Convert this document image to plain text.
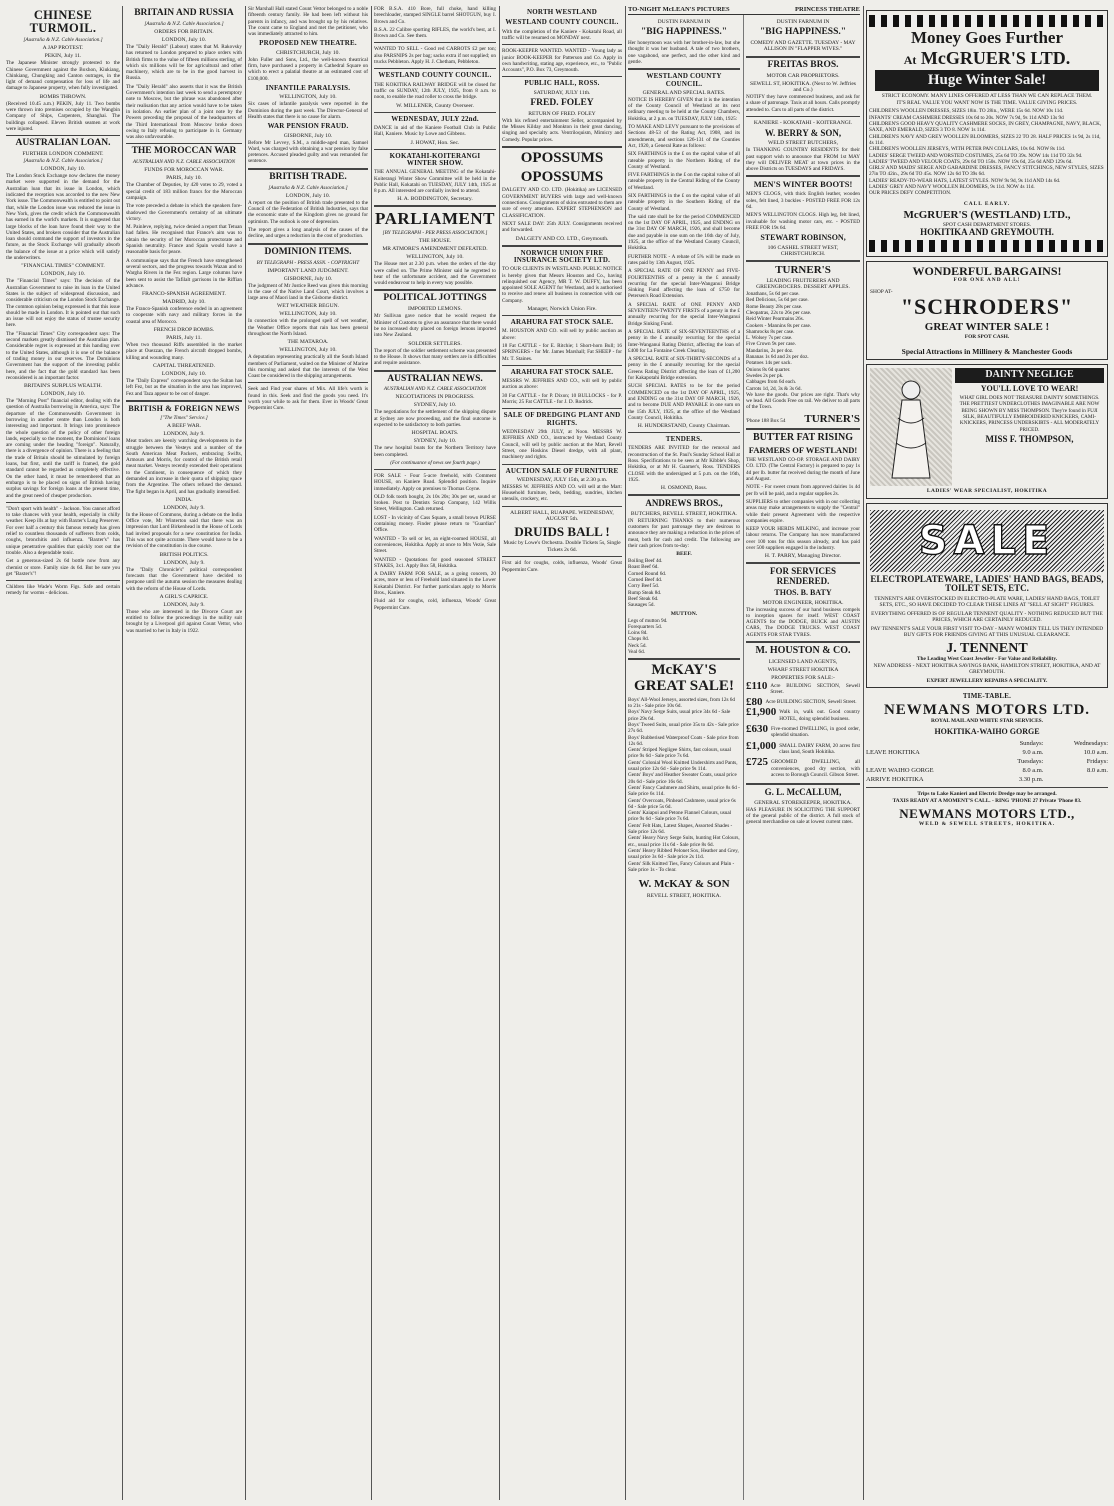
CHINESE TURMOIL.
[Australia & N.Z. Cable Association.]
A JAP PROTEST.
PEKIN, July 11.
The Japanese Minister strongly protested to the Chinese Government against the Boxhon, Kiukiang, Chinkiang, Chungking and Canton outrages, in the light of demand compensation for loss of life and damage to Japanese property, when fully investigated.
BOMBS THROWN.
(Received 10.45 a.m.) PEKIN, July 11. Two bombs were thrown into premises occupied by the Wangbin Company of Ships, Carpenters, Shanghai. The buildings collapsed. Eleven British seamen at work were injured.
AUSTRALIAN LOAN.
FURTHER LONDON COMMENT.
[Australia & N.Z. Cable Association.]
LONDON, July 10.
The London Stock Exchange now declares the money market were supported in the demand for the Australian loan that its issue in London, which indicated the reception was accorded to the new New York issue. The Commonwealth is entitled to point out that, while the London issue was reduced the issue in New York, gives the credit which the Commonwealth has earned in the world's markets. It is suggested that large blocks of the loan have found their way to the United States, and brokers consider that the Australian loan should command the support of investors in the future, as the Stock Exchange will gradually absorb the balance of the issue at a price which will satisfy the underwriters.
"FINANCIAL TIMES" COMMENT.
LONDON, July 10.
The "Financial Times" says: The decision of the Australian Government to raise its loan in the United States is the subject of widespread discussion, and considerable criticism on the London Stock Exchange. The common opinion being expressed is that this issue should be made in London. It is pointed out that such an issue will not enjoy the status of trustee security here.
The "Financial Times" City correspondent says: The second markets greatly dismissed the Australian plan. Considerable regret is expressed at this handing over to the United States, although it is one of the balance of trading money in our reserves. The Dominions Government has the support of the investing public here, and the fact that the gold standard has been reconsidered is an important factor.
BRITAIN'S SURPLUS WEALTH.
LONDON, July 10.
The "Morning Post" financial editor, dealing with the question of Australia borrowing in America, says: The departure of the Commonwealth Government in borrowing in another centre than London is both interesting and important. It brings into prominence the whole question of the policy of other foreign lands, especially so the moment, the Dominions' loans are coming under the heading "foreign". Naturally, there is a divergence of opinion. There is a feeling that the trade of Britain should be stimulated by foreign loans, but first, until the tariff is framed, the gold standard cannot be regarded as completely effective. On the other hand, it must be remembered that an embargo is to be placed on signs of British having surplus savings for foreign loans at the present time, and the great need of cheaper production.
"Don't sport with health" - Jackson. You cannot afford to take chances with your health, especially in chilly weather. Keep ills at bay with Baxter's Lung Preserver. For over half a century this famous remedy has given relief to countless thousands of sufferers from colds, coughs, bronchitis and influenza. "Baxter's" has unique penetrative qualities that quickly root out the trouble. Also a dependable tonic.
Get a generous-sized 2s 6d bottle now from any chemist or store. Family size 4s 6d. But be sure you get "Baxter's"!
Children like Wade's Worm Figs. Safe and certain remedy for worms - delicious.
BRITAIN AND RUSSIA
[Australia & N.Z. Cable Association.]
ORDERS FOR BRITAIN.
LONDON, July 10.
The "Daily Herald" (Labour) states that M. Rakovsky has returned to London prepared to place orders with British firms to the value of fifteen millions sterling, of which six millions will be for agricultural and other machinery, which are to be in the good harvest in Russia.
The "Daily Herald" also asserts that it was the British Government's intention last week to send a peremptory note to Moscow, but the phrase was abandoned after their realisation that any action would have to be taken in isolation. An earlier plan of a joint note by the Powers preceding the proposal of the headquarters of the Third International from Moscow broke down owing to Italy refusing to participate in it. Germany was also unfavourable.
THE MOROCCAN WAR
AUSTRALIAN AND N.Z. CABLE ASSOCIATION
FUNDS FOR MOROCCAN WAR.
PARIS, July 10.
The Chamber of Deputies, by 420 votes to 29, voted a special credit of 183 million francs for the Moroccan campaign.
The vote preceded a debate in which the speakers fore-shadowed the Government's certainty of an ultimate victory.
M. Painleve, replying, twice denied a report that Tetuan had fallen. He recognised that France's aim was to obtain the security of her Moroccan protectorate and Spanish neutrality. France and Spain would have a reasonable basis for peace.
A communique says that the French have strengthened several sectors, and the progress towards Wazan and to Wargha Rivers in the Fez region. Large columns have been sent to assist the Tafilalt garrisons in the Riffian advance.
FRANCO-SPANISH AGREEMENT.
MADRID, July 10.
The Franco-Spanish conference ended in an agreement to cooperate with navy and military forces in the coastal area of Morocco.
FRENCH DROP BOMBS.
PARIS, July 11.
When two thousand Riffs assembled in the market place at Ouezzan, the French aircraft dropped bombs, killing and wounding many.
CAPITAL THREATENED.
LONDON, July 10.
The "Daily Express" correspondent says the Sultan has left Fez, but as the situation in the area has improved, Fez and Taza appear to be out of danger.
BRITISH & FOREIGN NEWS
["The Times" Service.]
A BEEF WAR.
LONDON, July 9.
Meat traders are keenly watching developments in the struggle between the Vesteys and a number of the South American Meat Packers, embracing Swifts, Armours and Morris, for control of the British retail meat market. Vesteys recently extended their operations to the Continent, in consequence of which they demanded an increase in their quota of shipping space from the Argentine. The others refused the demand. The fight began in April, and has gradually intensified.
INDIA.
LONDON, July 9.
In the House of Commons, during a debate on the India Office vote, Mr Winterton said that there was an impression that Lord Birkenhead in the House of Lords had invited proposals for a new constitution for India. This was not quite accurate. There would have to be a revision of the constitution in due course.
BRITISH POLITICS.
LONDON, July 9.
The "Daily Chronicle's" political correspondent forecasts that the Government have decided to postpone until the autumn session the measures dealing with the reform of the House of Lords.
A GIRL'S CAPRICE.
LONDON, July 9.
Those who are interested in the Divorce Court are entitled to follow the proceedings in the nullity suit brought by a Liverpool girl against Count Vettor, who was married to her in Italy in 1922.
Sir Marshall Hall stated Count Vettor belonged to a noble fifteenth century family. He had been left without his parents in infancy, and was brought up by his relatives. The count came to England and met the petitioner, who was immediately attracted to him.
PROPOSED NEW THEATRE.
CHRISTCHURCH, July 10.
John Fuller and Sons, Ltd., the well-known theatrical firm, have purchased a property in Cathedral Square on which to erect a palatial theatre at an estimated cost of £100,000.
INFANTILE PARALYSIS.
WELLINGTON, July 10.
Six cases of infantile paralysis were reported in the Dominion during the past week. The Director-General of Health states that there is no cause for alarm.
WAR PENSION FRAUD.
GISBORNE, July 10.
Before Mr Levvey, S.M., a middle-aged man, Samuel Ward, was charged with obtaining a war pension by false pretences. Accused pleaded guilty and was remanded for sentence.
BRITISH TRADE.
[Australia & N.Z. Cable Association.]
LONDON, July 10.
A report on the position of British trade presented to the Council of the Federation of British Industries, says that the economic state of the Kingdom gives no ground for optimism. The outlook is one of depression.
The report gives a long analysis of the causes of the decline, and urges a reduction in the cost of production.
DOMINION ITEMS.
BY TELEGRAPH - PRESS ASSN. - COPYRIGHT
IMPORTANT LAND JUDGMENT.
GISBORNE, July 10.
The judgment of Mr Justice Reed was given this morning in the case of the Native Land Court, which involves a large area of Maori land in the Gisborne district.
WET WEATHER BEGUN.
WELLINGTON, July 10.
In connection with the prolonged spell of wet weather, the Weather Office reports that rain has been general throughout the North Island.
THE MATAROA.
WELLINGTON, July 10.
A deputation representing practically all the South Island members of Parliament, waited on the Minister of Marine this morning and asked that the interests of the West Coast be considered in the shipping arrangements.
Seek and Find your shares of Mix. All life's worth is found in this. Seek and find the goods you need. It's worth your while to ask for them. Ever in Woods' Great Peppermint Cure.
FOR B.S.A. 410 Bore, full choke, hand killing breechloader, stamped SINGLE barrel SHOTGUN, buy I. Brown and Co.
B.S.A. 22 Calibre sporting RIFLES, the world's best, at I. Brown and Co. See them.
WANTED TO SELL - Good red CARROTS £2 per ton; also PARSNIPS 2s per bag; sacks extra if not supplied; on trucks Pebbleton. Apply H. J. Chetham, Pebbleton.
WESTLAND COUNTY COUNCIL.
THE KOKITIKA RAILWAY BRIDGE will be closed for traffic on SUNDAY, 12th JULY, 1925, from 8 a.m. to noon, to enable the road roller to cross the bridge.
W. MILLENER, County Overseer.
WEDNESDAY, JULY 22nd.
DANCE in aid of the Kaniere Football Club in Public Hall, Kaniere. Music by Lowe and Gibbens.
J. HOWAT, Hon. Sec.
KOKATAHI-KOITERANGI WINTER SHOW.
THE ANNUAL GENERAL MEETING of the Kokatahi-Koiterangi Winter Show Committee will be held in the Public Hall, Kokatahi on TUESDAY, JULY 14th, 1925 at 8 p.m. All interested are cordially invited to attend.
H. A. BODDINGTON, Secretary.
PARLIAMENT
[BY TELEGRAPH - PER PRESS ASSOCIATION.]
THE HOUSE.
MR ATMORE'S AMENDMENT DEFEATED.
WELLINGTON, July 10.
The House met at 2.30 p.m. when the orders of the day were called on. The Prime Minister said he regretted to hear of the unfortunate accident, and the Government would endeavour to help in every way possible.
POLITICAL JOTTINGS
IMPORTED LEMONS.
Mr Sullivan gave notice that he would request the Minister of Customs to give an assurance that there would be no increased duty placed on foreign lemons imported into New Zealand.
SOLDIER SETTLERS.
The report of the soldier settlement scheme was presented to the House. It shows that many settlers are in difficulties and require assistance.
AUSTRALIAN NEWS.
AUSTRALIAN AND N.Z. CABLE ASSOCIATION
NEGOTIATIONS IN PROGRESS.
SYDNEY, July 10.
The negotiations for the settlement of the shipping dispute at Sydney are now proceeding, and the final outcome is expected to be satisfactory to both parties.
HOSPITAL BOATS.
SYDNEY, July 10.
The new hospital boats for the Northern Territory have been completed.
(For continuance of news see fourth page.)
FOR SALE - Four 5-acre freehold, with Comment HOUSE, on Kaniere Road. Splendid position. Inquire immediately. Apply on premises to Thomas Coyne.
OLD folk tooth bought, 2s 10s 20s; 30s per set, sound or broken. Post to Dentists Scrap Company, 142 Willis Street, Wellington. Cash returned.
LOST - In vicinity of Cass Square, a small brown PURSE containing money. Finder please return to "Guardian" Office.
WANTED - To sell or let, an eight-roomed HOUSE, all conveniences, Hokitika. Apply at once to Mrs Vezie, Sale Street.
WANTED - Quotations for good seasoned STREET STAKES, 3x1. Apply Box 58, Hokitika.
A DAIRY FARM FOR SALE, as a going concern, 20 acres, more or less of Freehold land situated in the Lower Kokatahi District. For further particulars apply to Morris Bros., Kaniere.
Fluid aid for coughs, cold, influenza, Woods' Great Peppermint Cure.
NORTH WESTLAND
WESTLAND COUNTY COUNCIL.
With the completion of the Kaniere - Kokatahi Road, all traffic will be resumed on MONDAY next.
ROOK-KEEPER WANTED. WANTED - Young lady as junior BOOK-KEEPER for Patterson and Co. Apply in own handwriting, stating age, experience, etc., to "Public Accounts", P.O. Box 73, Greymouth.
PUBLIC HALL, ROSS.
SATURDAY, JULY 11th.
FRED. FOLEY
RETURN OF FRED. FOLEY
With his refined entertainment Seller, accompanied by the Misses Kilday and Monkton in their great dancing, singing and specialty acts. Ventriloquism, Mimicry and Comedy. Popular prices.
OPOSSUMS
OPOSSUMS
DALGETY AND CO. LTD. (Hokitika) are LICENSED GOVERNMENT BUYERS with large and well-known connections. Consignments of skins entrusted to them are sure of every attention. EXPERT STEPHENSON and CLASSIFICATION.
NEXT SALE DAY: 25th JULY. Consignments received and forwarded.
DALGETY AND CO. LTD., Greymouth.
NORWICH UNION FIRE INSURANCE SOCIETY LTD.
TO OUR CLIENTS IN WESTLAND. PUBLIC NOTICE is hereby given that Messrs Houston and Co., having relinquished our Agency, MR T. W. DUFFY, has been appointed SOLE AGENT for Westland, and is authorised to receive and renew all business in connection with our Company.
Manager, Norwich Union Fire.
ARAHURA FAT STOCK SALE.
M. HOUSTON AND CO. will sell by public auction as above:
18 Fat CATTLE - for E. Ritchie; 1 Short-horn Bull; 16 SPRINGERS - for Mr. James Marshall; Fat SHEEP - for Mr. T. Staines.
ARAHURA FAT STOCK SALE.
MESSRS W. JEFFRIES AND CO., will sell by public auction as above:
30 Fat CATTLE - for P. Dixon; 10 BULLOCKS - for P. Morris; 25 Fat CATTLE - for J. D. Rodrick.
SALE OF DREDGING PLANT AND RIGHTS.
WEDNESDAY 29th JULY, at Noon. MESSRS W. JEFFRIES AND CO., instructed by Westland County Council, will sell by public auction at the Mart, Revell Street, one Hoskins Diesel dredge, with all plant, machinery and rights.
AUCTION SALE OF FURNITURE
WEDNESDAY, JULY 15th, at 2.30 p.m.
MESSRS W. JEFFRIES AND CO. will sell at the Mart: Household furniture, beds, bedding, sundries, kitchen utensils, crockery, etc.
ALBERT HALL, RUAPAPE. WEDNESDAY, AUGUST 5th.
DRUIDS BALL !
Music by Lowe's Orchestra. Double Tickets 5s, Single Tickets 2s 6d.
First aid for coughs, colds, influenza, Woods' Great Peppermint Cure.
TO-NIGHT McLEAN'S PICTURES	PRINCESS THEATRE
DUSTIN FARNUM IN
"BIG HAPPINESS."
Her honeymoon was with her brother-in-law, but she thought it was her husband. A tale of two brothers, one vagabond, one perfect, and the other kind and gentle.
WESTLAND COUNTY COUNCIL.
GENERAL AND SPECIAL RATES.
NOTICE IS HEREBY GIVEN that it is the intention of the County Council of Westland at its next ordinary meeting to be held at the County Chambers, Hokitika, at 2 p.m. on TUESDAY, JULY 14th, 1925:
TO MAKE AND LEVY pursuant to the provisions of Sections 48-53 of the Rating Act, 1908, and its amendments, and sections 126-131 of the Counties Act, 1920, a General Rate as follows:
SIX FARTHINGS in the £ on the capital value of all rateable property in the Northern Riding of the County of Westland.
FIVE FARTHINGS in the £ on the capital value of all rateable property in the Central Riding of the County of Westland.
SIX FARTHINGS in the £ on the capital value of all rateable property in the Southern Riding of the County of Westland.
The said rate shall be for the period COMMENCED on the 1st DAY OF APRIL, 1925, and ENDING on the 31st DAY OF MARCH, 1926, and shall become due and payable in one sum on the 16th day of July, 1925, at the office of the Westland County Council, Hokitika.
FURTHER NOTE - A rebate of 5% will be made on rates paid by 13th August, 1925.
A SPECIAL RATE OF ONE PENNY and FIVE-FOURTEENTHS of a penny in the £ annually recurring for the special Inter-Wanganui Bridge Sinking Fund affecting the loan of £750 for Petersen's Road Extension.
A SPECIAL RATE of ONE PENNY AND SEVENTEEN-TWENTY FIRSTS of a penny in the £ annually recurring for the special Inter-Wanganui Bridge Sinking Fund.
A SPECIAL RATE of SIX-SEVENTEENTHS of a penny in the £ annually recurring for the special Inter-Wanganui Rating District, affecting the loan of £400 for La Fontaine Creek Clearing.
A SPECIAL RATE of SIX-THIRTY-SECONDS of a penny in the £ annually recurring for the special Greens Rating District affecting the loan of £1,200 for Kakapotahi Bridge extension.
SUCH SPECIAL RATES to be for the period COMMENCED on the 1st DAY OF APRIL, 1925, and ENDING on the 31st DAY OF MARCH, 1926, and to become DUE AND PAYABLE in one sum on the 15th JULY, 1925, at the office of the Westland County Council, Hokitika.
H. HUNDERSTAND, County Chairman.
TENDERS.
TENDERS ARE INVITED for the removal and reconstruction of the St. Paul's Sunday School Hall at Ross. Specifications to be seen at Mr Kibble's Shop, Hokitika, or at Mr H. Gaarner's, Ross. TENDERS CLOSE with the undersigned at 5 p.m. on the 16th, 1925.
H. OSMOND, Ross.
ANDREWS BROS.,
BUTCHERS, REVELL STREET, HOKITIKA.
IN RETURNING THANKS to their numerous customers for past patronage they are desirous to announce they are making a reduction in the prices of meat, both for cash and credit. The following are their cash prices from to-day:
BEEF.
Boiling Beef 4d.
Roast Beef 6d.
Corned Round 6d.
Corned Beef 4d.
Corry Beef 5d.
Rump Steak 8d.
Beef Steak 6d.
Sausages 5d.
MUTTON.
Legs of mutton 9d.
Forequarters 5d.
Loins 8d.
Chops 8d.
Neck 5d.
Veal 6d.
McKAY'S GREAT SALE!
Boys' All-Wool Jerseys, assorted sizes, from 12s 6d to 21s - Sale price 10s 6d.
Boys' Navy Serge Suits, usual price 34s 6d - Sale price 29s 6d.
Boys' Tweed Suits, usual price 35s to 42s - Sale price 27s 6d.
Boys' Rubberised Waterproof Coats - Sale price from 12s 6d.
Gents' Striped Negligee Shirts, fast colours, usual price 9s 6d - Sale price 7s 6d.
Gents' Colonial Wool Knitted Undershirts and Pants, usual price 12s 6d - Sale price 9s 11d.
Gents' Boys' and Heather Sweater Coats, usual price 20s 6d - Sale price 16s 6d.
Gents' Fancy Cashmere and Shirts, usual price 8s 6d - Sale price 6s 11d.
Gents' Overcoats, Pinhead Cashmere, usual price 6s 6d - Sale price 5s 6d.
Gents' Kaiapoi and Petone Flannel Colours, usual price 9s 6d - Sale price 7s 6d.
Gents' Felt Hats, Latest Shapes, Assorted Shades - Sale price 12s 6d.
Gents' Heavy Navy Serge Suits, hunting Hot Colours, etc., usual price 11s 6d - Sale price 8s 6d.
Gents' Heavy Ribbed Pelonet Sox, Heather and Grey, usual price 3s 6d - Sale price 2s 11d.
Gents' Silk Knitted Ties, Fancy Colours and Plain - Sale price 1s - To clear.
W. McKAY & SON
REVELL STREET, HOKITIKA.
DUSTIN FARNUM IN
"BIG HAPPINESS."
COMEDY AND GAZETTE. TUESDAY - MAY ALLISON IN "FLAPPER WIVES."
FREITAS BROS.
MOTOR CAR PROPRIETORS.
SEWELL ST, HOKITIKA. (Next to W. Jeffries and Co.)
NOTIFY they have commenced business, and ask for a share of patronage. Taxis at all hours. Calls promptly attended to. Cars to all parts of the district.
KANIERE - KOKATAHI - KOITERANGI.
W. BERRY & SON,
WELD STREET BUTCHERS,
In THANKING COUNTRY RESIDENTS for their past support wish to announce that FROM 1st MAY they will DELIVER MEAT at town prices in the above Districts on TUESDAYS and FRIDAYS.
MEN'S WINTER BOOTS!
MEN'S CLOGS, with thick English leather, wooden soles, felt lined, 3 buckles - POSTED FREE FOR 12s 6d.
MEN'S WELLINGTON CLOGS. High leg, felt lined, invaluable for washing motor cars, etc. - POSTED FREE FOR 19s 6d.
STEWART ROBINSON,
106 CASHEL STREET WEST, CHRISTCHURCH.
TURNER'S
LEADING FRUITERERS AND GREENGROCERS. DESSERT APPLES.
Jonathans, 5s 6d per case.
Red Delicious, 5s 6d per case.
Rome Beauty 28s per case.
Cleopatras, 22s to 26s per case.
Reid Winter Pearmains 26s.
Cookers - Mannins 8s per case.
Shamrocks 8s per case.
L. Wolsey 7s per case.
Five Crown 9s per case.
Mandarins, 2s per doz.
Bananas 1s 6d and 2s per doz.
Potatoes 14s per sack.
Onions 8s 6d quarter.
Swedes 2s per pk.
Cabbages from 6d each.
Carrots 1d, 2d, 3s & 3s 6d.
We have the goods. Our prices are right. That's why we lead. All Goods Free on rail. We deliver to all parts of the Town.
'Phone 188 Box 54 TURNER'S
BUTTER FAT RISING
FARMERS OF WESTLAND!
THE WESTLAND CO-OP. STORAGE AND DAIRY CO. LTD. (The Central Factory) is prepared to pay 1s 4d per lb. butter fat received during the month of June and August.
NOTE - For sweet cream from approved dairies 1s 4d per lb will be paid, and a regular supplies 2s.
SUPPLIERS to other companies with in our collecting areas may make arrangements to supply the "Central" while their present Agreement with the respective companies expire.
KEEP YOUR HERDS MILKING, and increase your labour returns. The Company has now manufactured over 100 tons for this season already, and has paid over 500 suppliers engaged in the industry.
H. T. PARRY, Managing Director.
FOR SERVICES RENDERED.
THOS. B. BATY
MOTOR ENGINEER, HOKITIKA.
The increasing success of our hand business compels to inception spaces for itself. WEST COAST AGENTS for the DODGE, BUICK and AUSTIN CARS, The DODGE TRUCKS. WEST COAST AGENTS FOR STAR TYRES.
M. HOUSTON & CO.
LICENSED LAND AGENTS,
WHARF STREET HOKITIKA
PROPERTIES FOR SALE:-
£110 Acre BUILDING SECTION, Sewell Street.
£80 Acre BUILDING SECTION, Sewell Street.
£1,900 Walk in, walk out. Good country HOTEL, doing splendid business.
£630 Five-roomed DWELLING, in good order, splendid situation.
£1,000 SMALL DAIRY FARM, 20 acres first class land, South Hokitika.
£725 GROOMED DWELLING, all conveniences, good dry section, with access to Borough Council. Gibson Street.
G. L. McCALLUM,
GENERAL STOREKEEPER, HOKITIKA.
HAS PLEASURE IN SOLICITING THE SUPPORT of the general public of the district. A full stock of general merchandise on sale at lowest current rates.
Money Goes Further
At McGRUER'S LTD.
Huge Winter Sale!
STRICT ECONOMY. MANY LINES OFFERED AT LESS THAN WE CAN REPLACE THEM.
IT'S REAL VALUE YOU WANT NOW IS THE TIME. VALUE GIVING PRICES.
CHILDREN'S WOOLLEN DRESSES, SIZES 18in. TO 28in., WERE 15s 6d. NOW 10s 11d.
INFANTS' CREAM CASHMERE DRESSES 10s 6d to 20s. NOW 7s 9d, 9s 11d AND 13s 9d
CHILDREN'S GOOD HEAVY QUALITY CASHMERE SOCKS, IN GREY, CHAMPAGNE, NAVY, BLACK, SAXE, AND EMERALD, SIZES 3 TO 8. NOW 1s 11d.
CHILDREN'S NAVY AND GREY WOOLLEN BLOOMERS, SIZES 22 TO 28. HALF PRICES 1s 9d, 2s 11d, 4s 11d.
CHILDREN'S WOOLLEN JERSEYS, WITH PETER PAN COLLARS, 10s 6d. NOW 8s 11d.
LADIES' SERGE TWEED AND WORSTED COSTUMES, 25s 6d TO 39s. NOW 14s 11d TO 32s 9d.
LADIES' TWEED AND VELOUR COATS, 29s 6d TO 150s. NOW 19s 6d, 25s 6d AND 129s 6d.
GIRLS' AND MAIDS' SERGE AND GABARDINE DRESSES, FANCY STITCHINGS, NEW STYLES, SIZES 27in TO 42in., 29s 6d TO 45s. NOW 12s 6d TO 39s 6d.
LADIES' READY-TO-WEAR HATS, LATEST STYLES. NOW 9s 9d, 9s 11d AND 14s 6d.
LADIES' GREY AND NAVY WOOLLEN BLOOMERS, 9s 11d. NOW 4s 11d.
OUR PRICES DEFY COMPETITION.
CALL EARLY.
McGRUER'S (WESTLAND) LTD.,
SPOT CASH DEPARTMENT STORES.
HOKITIKA AND GREYMOUTH.
WONDERFUL BARGAINS!
FOR ONE AND ALL!
SHOP AT-
"SCHRODERS"
GREAT WINTER SALE !
FOR SPOT CASH.
Special Attractions in Millinery & Manchester Goods
DAINTY NEGLIGE
YOU'LL LOVE TO WEAR!
WHAT GIRL DOES NOT TREASURE DAINTY SOMETHINGS. THE PRETTIEST UNDERCLOTHES IMAGINABLE ARE NOW BEING SHOWN BY MISS THOMPSON. They're found in FUJI SILK, BEAUTIFULLY EMBROIDERED KNICKERS, CAMI-KNICKERS, PRINCESS UNDERSKIRTS - ALL MODERATELY PRICED.
MISS F. THOMPSON,
LADIES' WEAR SPECIALIST, HOKITIKA
SALE
ELECTROPLATEWARE, LADIES' HAND BAGS, BEADS, TOILET SETS, ETC.
TENNENT'S ARE OVERSTOCKED IN ELECTRO-PLATE WARE, LADIES' HAND BAGS, TOILET SETS, ETC., SO HAVE DECIDED TO CLEAR THESE LINES AT "SELL AT SIGHT" FIGURES.
EVERYTHING OFFERED IS OF REGULAR TENNENT QUALITY - NOTHING REDUCED BUT THE PRICES, WHICH ARE CERTAINLY REDUCED.
PAY TENNENT'S SALE YOUR FIRST VISIT TO-DAY - MANY WOMEN TELL US THEY INTENDED BUY GIFTS FOR FRIENDS GIVING AT THIS UNUSUAL CLEARANCE.
J. TENNENT
The Leading West Coast Jeweller - For Value and Reliability.
NEW ADDRESS - NEXT HOKITIKA SAVINGS BANK, HAMILTON STREET, HOKITIKA, AND AT GREYMOUTH.
EXPERT JEWELLERY REPAIRS A SPECIALITY.
TIME-TABLE.
NEWMANS MOTORS LTD.
ROYAL MAIL AND WHITE STAR SERVICES.
HOKITIKA-WAIHO GORGE
	Sundays:	Wednesdays:
LEAVE HOKITIKA	9.0 a.m.	10.0 a.m.
	Tuesdays:	Fridays:
LEAVE WAIHO GORGE	8.0 a.m.	8.0 a.m.
ARRIVE HOKITIKA	3.30 p.m.	
Trips to Lake Kanieri and Electric Dredge may be arranged.
TAXIS READY AT A MOMENT'S CALL. - RING 'PHONE 27 Private 'Phone 83.
NEWMANS MOTORS LTD.,
WELD & SEWELL STREETS, HOKITIKA.
